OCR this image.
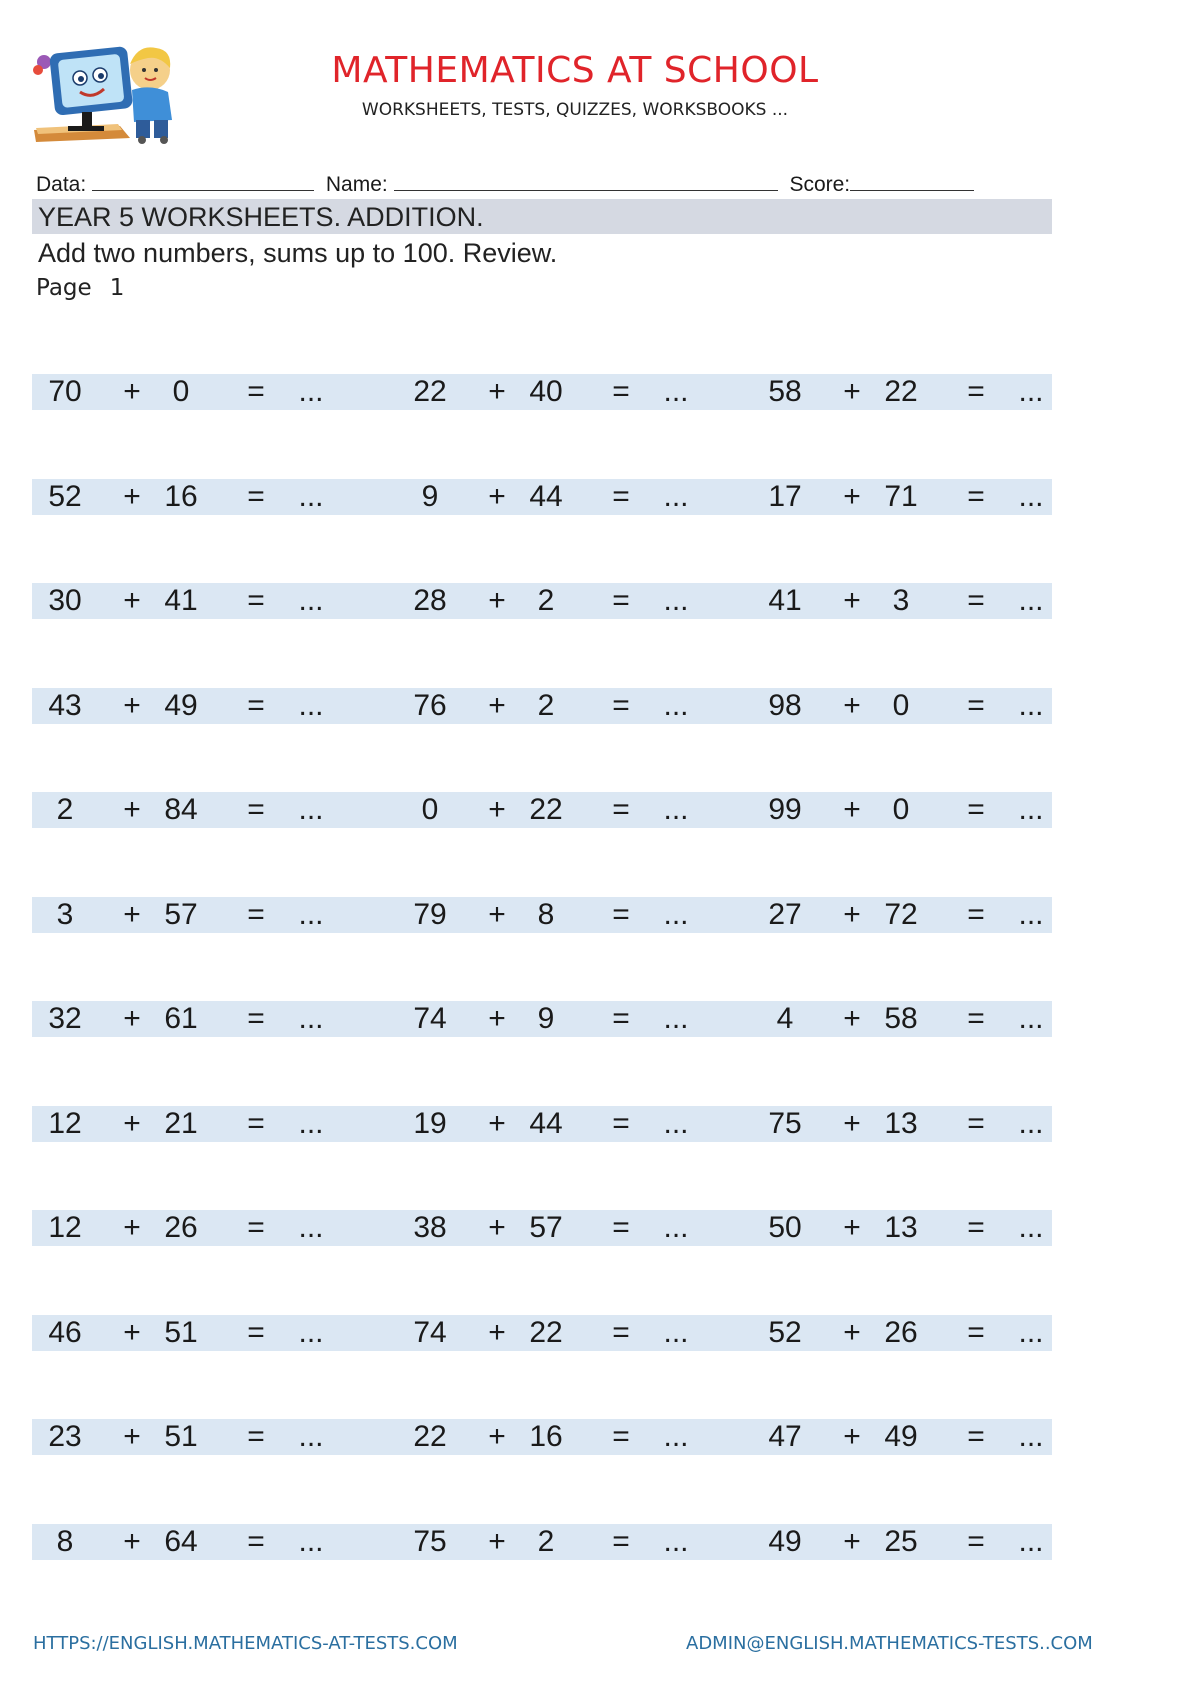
MATHEMATICS AT SCHOOL
WORKSHEETS, TESTS, QUIZZES, WORKSBOOKS ...
Data:	Name:	Score:
YEAR 5 WORKSHEETS. ADDITION.
Add two numbers, sums up to 100. Review.
Page 1
70	+	0	=	...	22	+ 40	=	...	58	+ 22	=	...
52	+ 16	=	...	9	+ 44	=	...	17	+ 71	=	...
30	+ 41	=	...	28	+	2	=	...	41	+	3	=	...
43	+ 49	=	...	76	+	2	=	...	98	+	0	=	...
2	+ 84	=	...	0	+ 22	=	...	99	+	0	=	...
3	+ 57	=	...	79	+	8	=	...	27	+ 72	=	...
32	+ 61	=	...	74	+	9	=	...	4	+ 58	=	...
12	+ 21	=	...	19	+ 44	=	...	75	+ 13	=	...
12	+ 26	=	...	38	+ 57	=	...	50	+ 13	=	...
46	+ 51	=	...	74	+ 22	=	...	52	+ 26	=	...
23	+ 51	=	...	22	+ 16	=	...	47	+ 49	=	...
8	+ 64	=	...	75	+	2	=	...	49	+ 25	=	...
HTTPS://ENGLISH.MATHEMATICS-AT-TESTS.COM	ADMIN@ENGLISH.MATHEMATICS-TESTS..COM
